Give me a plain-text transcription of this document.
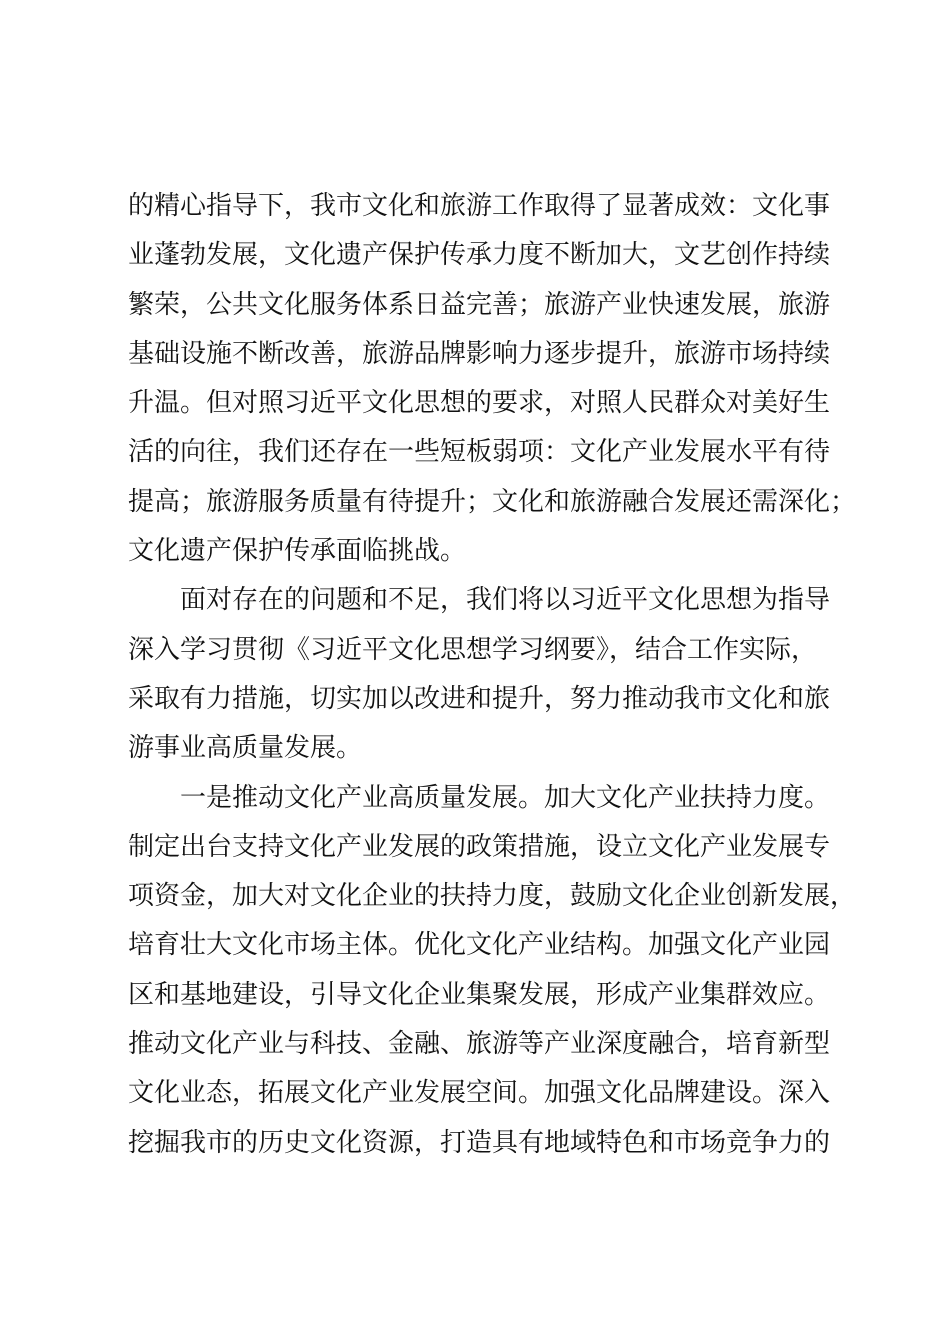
的精心指导下，我市文化和旅游工作取得了显著成效：文化事
业蓬勃发展，文化遗产保护传承力度不断加大，文艺创作持续
繁荣，公共文化服务体系日益完善；旅游产业快速发展，旅游
基础设施不断改善，旅游品牌影响力逐步提升，旅游市场持续
升温。但对照习近平文化思想的要求，对照人民群众对美好生
活的向往，我们还存在一些短板弱项：文化产业发展水平有待
提高；旅游服务质量有待提升；文化和旅游融合发展还需深化；
文化遗产保护传承面临挑战。
面对存在的问题和不足，我们将以习近平文化思想为指导
深入学习贯彻《习近平文化思想学习纲要》，结合工作实际，
采取有力措施，切实加以改进和提升，努力推动我市文化和旅
游事业高质量发展。
一是推动文化产业高质量发展。加大文化产业扶持力度。
制定出台支持文化产业发展的政策措施，设立文化产业发展专
项资金，加大对文化企业的扶持力度，鼓励文化企业创新发展，
培育壮大文化市场主体。优化文化产业结构。加强文化产业园
区和基地建设，引导文化企业集聚发展，形成产业集群效应。
推动文化产业与科技、金融、旅游等产业深度融合，培育新型
文化业态，拓展文化产业发展空间。加强文化品牌建设。深入
挖掘我市的历史文化资源，打造具有地域特色和市场竞争力的
